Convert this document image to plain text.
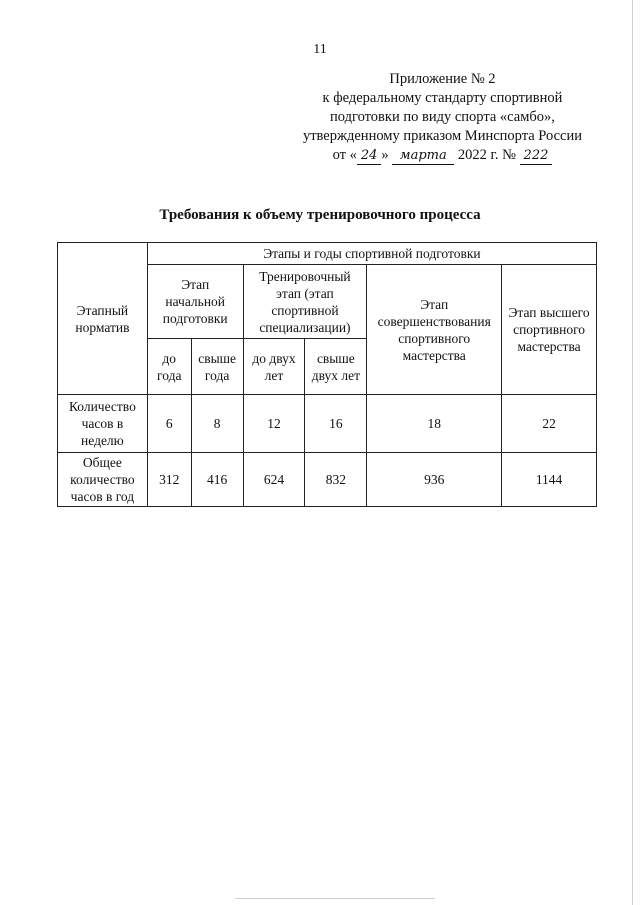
11
Приложение № 2
к федеральному стандарту спортивной
подготовки по виду спорта «самбо»,
утвержденному приказом Минспорта России
от « 24 » марта 2022 г. № 222
Требования к объему тренировочного процесса
Этапный норматив	Этапы и годы спортивной подготовки					
	Этап начальной подготовки		Тренировочный этап (этап спортивной специализации)		Этап совершенствования спортивного мастерства	Этап высшего спортивного мастерства
	до года	свыше года	до двух лет	свыше двух лет		
Количество часов в неделю	6	8	12	16	18	22
Общее количество часов в год	312	416	624	832	936	1144
